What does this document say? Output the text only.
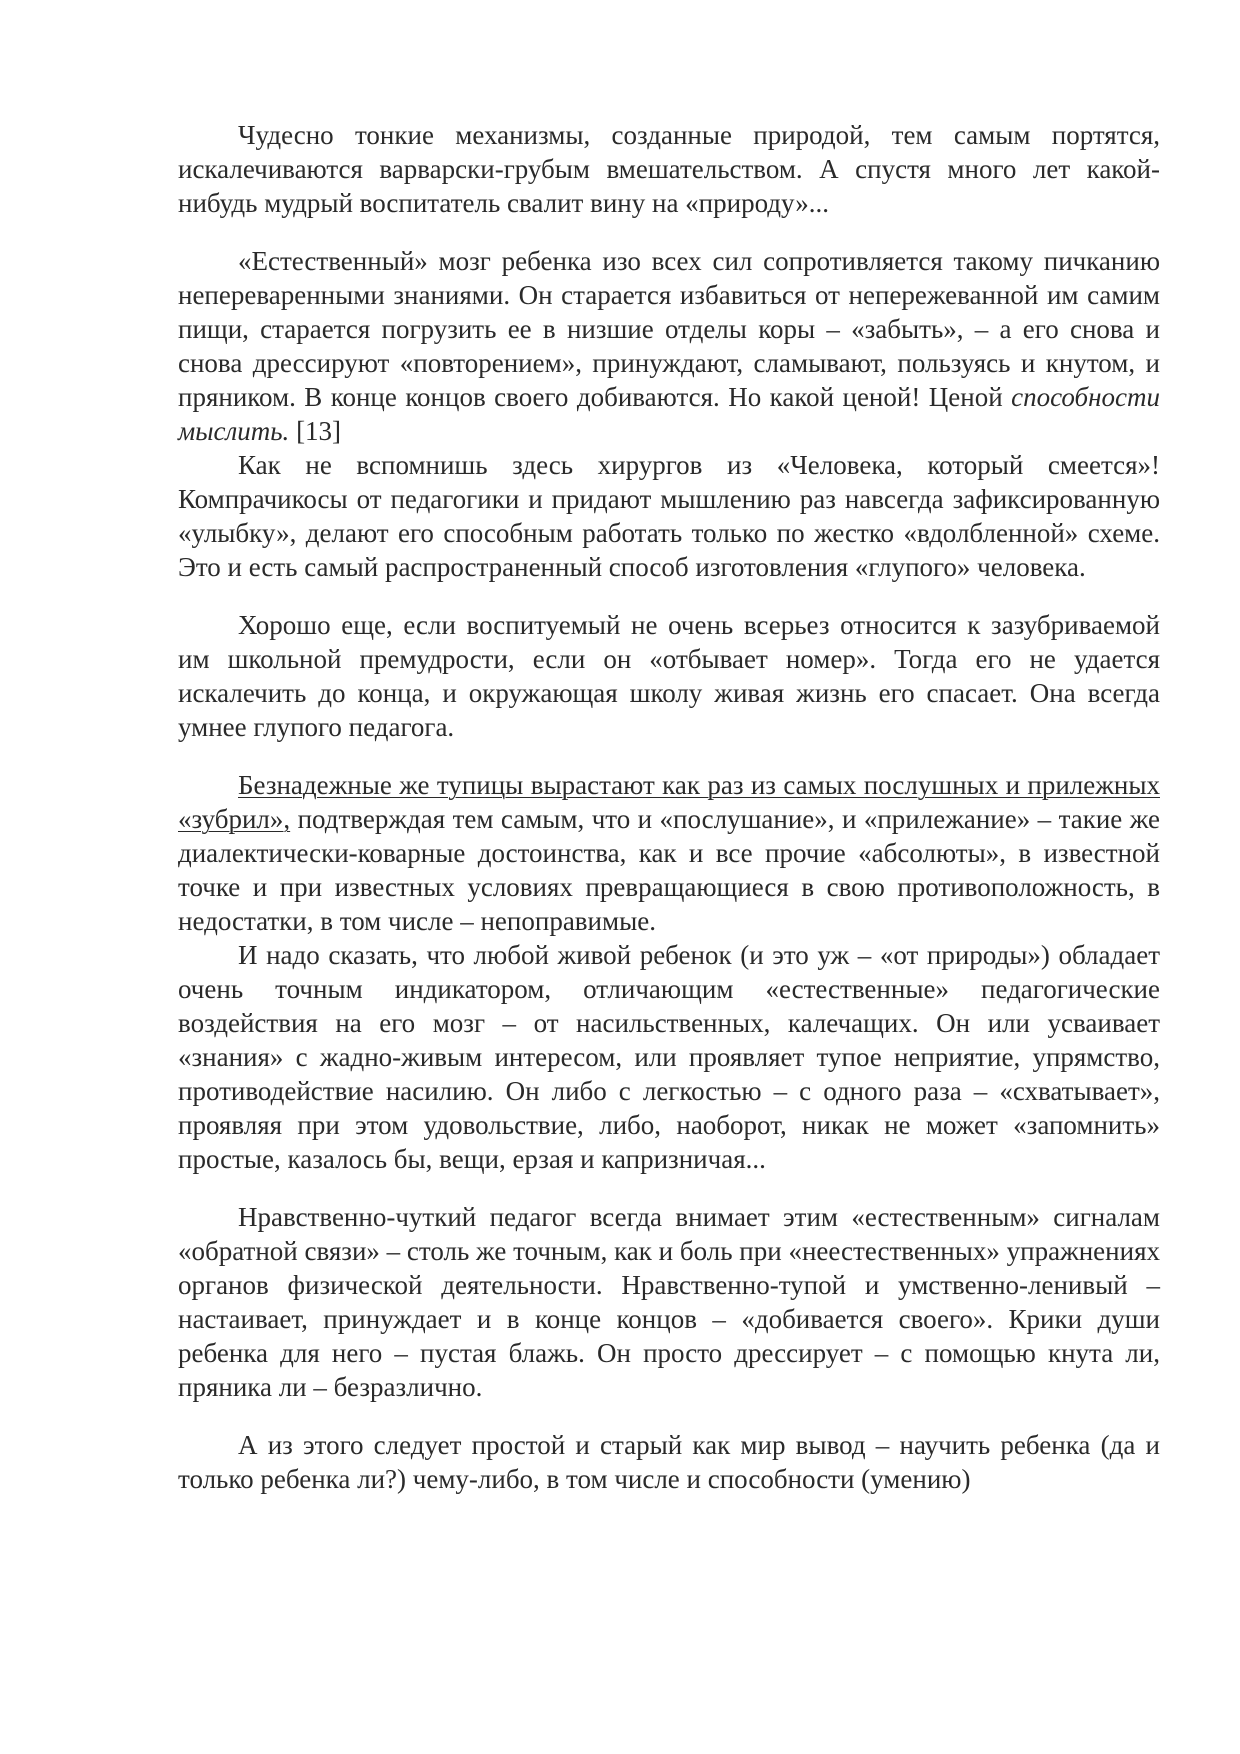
Чудесно тонкие механизмы, созданные природой, тем самым портятся, искалечиваются варварски-грубым вмешательством. А спустя много лет какой-нибудь мудрый воспитатель свалит вину на «природу»...

«Естественный» мозг ребенка изо всех сил сопротивляется такому пичканию непереваренными знаниями. Он старается избавиться от непережеванной им самим пищи, старается погрузить ее в низшие отделы коры – «забыть», – а его снова и снова дрессируют «повторением», принуждают, сламывают, пользуясь и кнутом, и пряником. В конце концов своего добиваются. Но какой ценой! Ценой способности мыслить. [13]

Как не вспомнишь здесь хирургов из «Человека, который смеется»! Компрачикосы от педагогики и придают мышлению раз навсегда зафиксированную «улыбку», делают его способным работать только по жестко «вдолбленной» схеме. Это и есть самый распространенный способ изготовления «глупого» человека.

Хорошо еще, если воспитуемый не очень всерьез относится к зазубриваемой им школьной премудрости, если он «отбывает номер». Тогда его не удается искалечить до конца, и окружающая школу живая жизнь его спасает. Она всегда умнее глупого педагога.

Безнадежные же тупицы вырастают как раз из самых послушных и прилежных «зубрил», подтверждая тем самым, что и «послушание», и «прилежание» – такие же диалектически-коварные достоинства, как и все прочие «абсолюты», в известной точке и при известных условиях превращающиеся в свою противоположность, в недостатки, в том числе – непоправимые.

И надо сказать, что любой живой ребенок (и это уж – «от природы») обладает очень точным индикатором, отличающим «естественные» педагогические воздействия на его мозг – от насильственных, калечащих. Он или усваивает «знания» с жадно-живым интересом, или проявляет тупое неприятие, упрямство, противодействие насилию. Он либо с легкостью – с одного раза – «схватывает», проявляя при этом удовольствие, либо, наоборот, никак не может «запомнить» простые, казалось бы, вещи, ерзая и капризничая...

Нравственно-чуткий педагог всегда внимает этим «естественным» сигналам «обратной связи» – столь же точным, как и боль при «неестественных» упражнениях органов физической деятельности. Нравственно-тупой и умственно-ленивый – настаивает, принуждает и в конце концов – «добивается своего». Крики души ребенка для него – пустая блажь. Он просто дрессирует – с помощью кнута ли, пряника ли – безразлично.

А из этого следует простой и старый как мир вывод – научить ребенка (да и только ребенка ли?) чему-либо, в том числе и способности (умению)
